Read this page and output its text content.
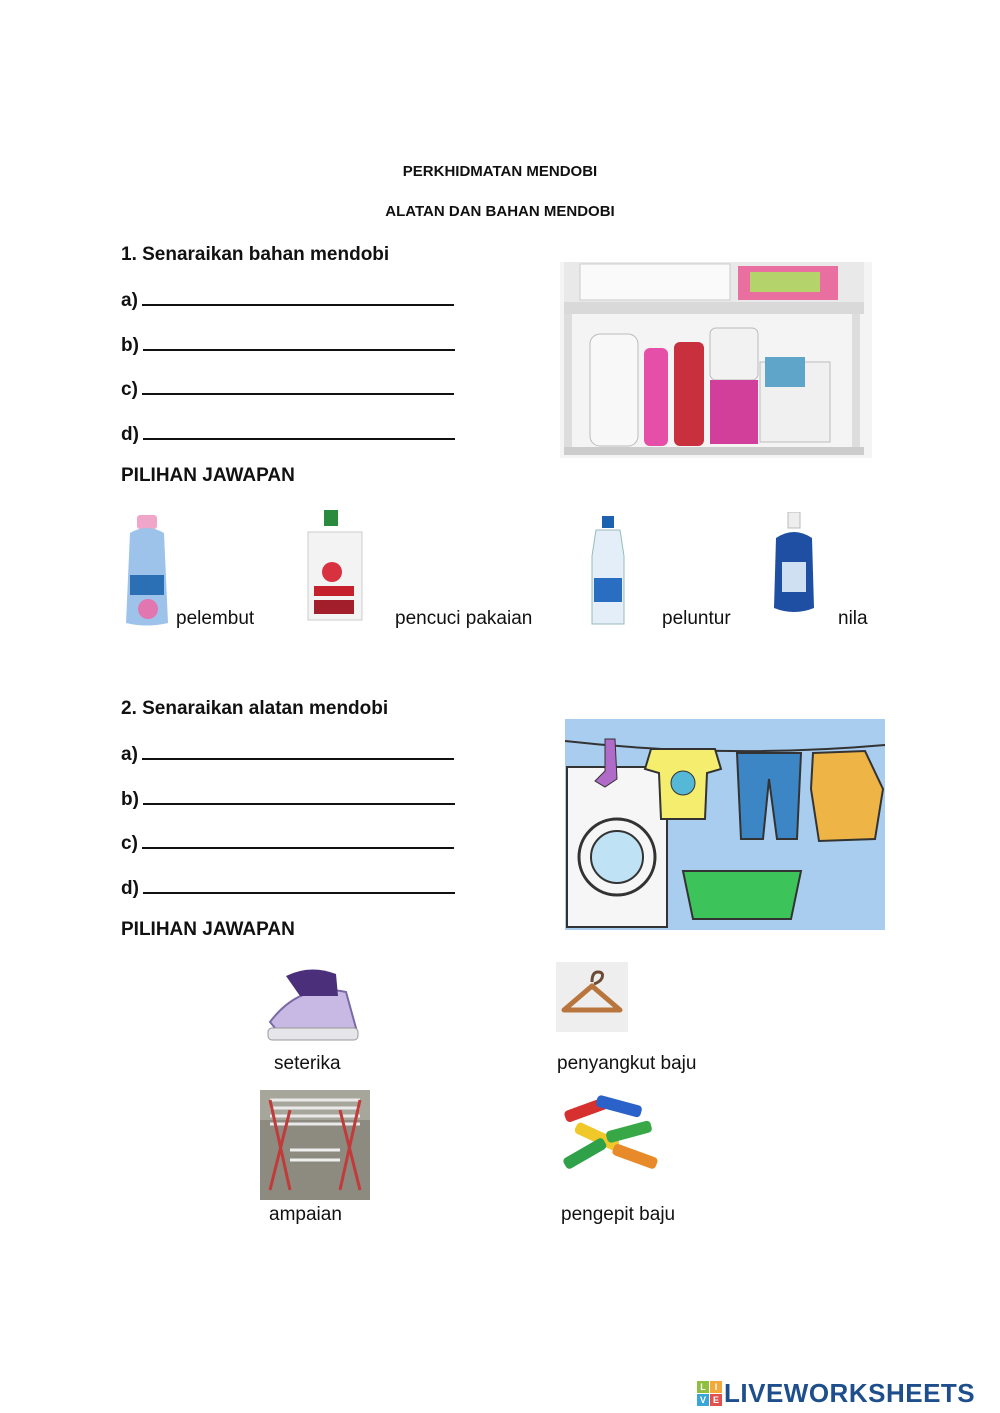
PERKHIDMATAN MENDOBI
ALATAN DAN BAHAN MENDOBI
1. Senaraikan bahan mendobi
a)
b)
c)
d)
PILIHAN JAWAPAN
pelembut	pencuci pakaian	peluntur	nila
2. Senaraikan alatan mendobi
a)
b)
c)
d)
PILIHAN JAWAPAN
seterika	penyangkut baju
ampaian	pengepit baju
L I
V E LIVEWORKSHEETS
